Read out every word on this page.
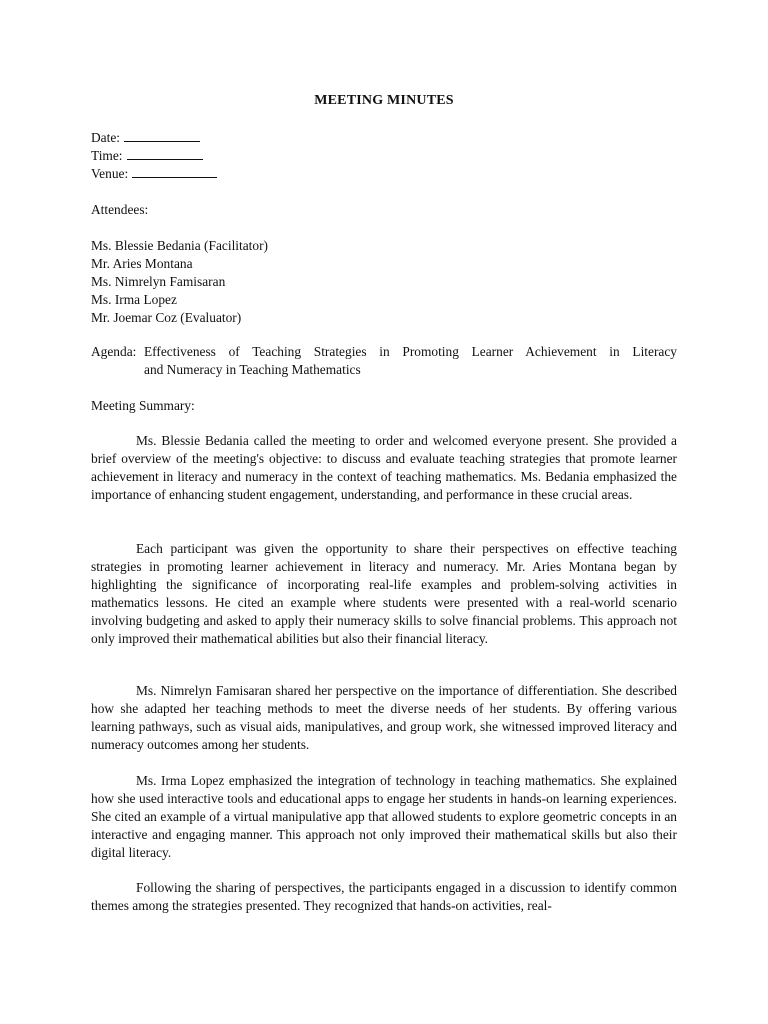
MEETING MINUTES
Date:
Time:
Venue:
Attendees:
Ms. Blessie Bedania (Facilitator)
Mr. Aries Montana
Ms. Nimrelyn Famisaran
Ms. Irma Lopez
Mr. Joemar Coz (Evaluator)
Agenda: Effectiveness of Teaching Strategies in Promoting Learner Achievement in Literacy
and Numeracy in Teaching Mathematics
Meeting Summary:
Ms. Blessie Bedania called the meeting to order and welcomed everyone present. She provided a brief overview of the meeting's objective: to discuss and evaluate teaching strategies that promote learner achievement in literacy and numeracy in the context of teaching mathematics. Ms. Bedania emphasized the importance of enhancing student engagement, understanding, and performance in these crucial areas.
Each participant was given the opportunity to share their perspectives on effective teaching strategies in promoting learner achievement in literacy and numeracy. Mr. Aries Montana began by highlighting the significance of incorporating real-life examples and problem-solving activities in mathematics lessons. He cited an example where students were presented with a real-world scenario involving budgeting and asked to apply their numeracy skills to solve financial problems. This approach not only improved their mathematical abilities but also their financial literacy.
Ms. Nimrelyn Famisaran shared her perspective on the importance of differentiation. She described how she adapted her teaching methods to meet the diverse needs of her students. By offering various learning pathways, such as visual aids, manipulatives, and group work, she witnessed improved literacy and numeracy outcomes among her students.
Ms. Irma Lopez emphasized the integration of technology in teaching mathematics. She explained how she used interactive tools and educational apps to engage her students in hands-on learning experiences. She cited an example of a virtual manipulative app that allowed students to explore geometric concepts in an interactive and engaging manner. This approach not only improved their mathematical skills but also their digital literacy.
Following the sharing of perspectives, the participants engaged in a discussion to identify common themes among the strategies presented. They recognized that hands-on activities, real-
